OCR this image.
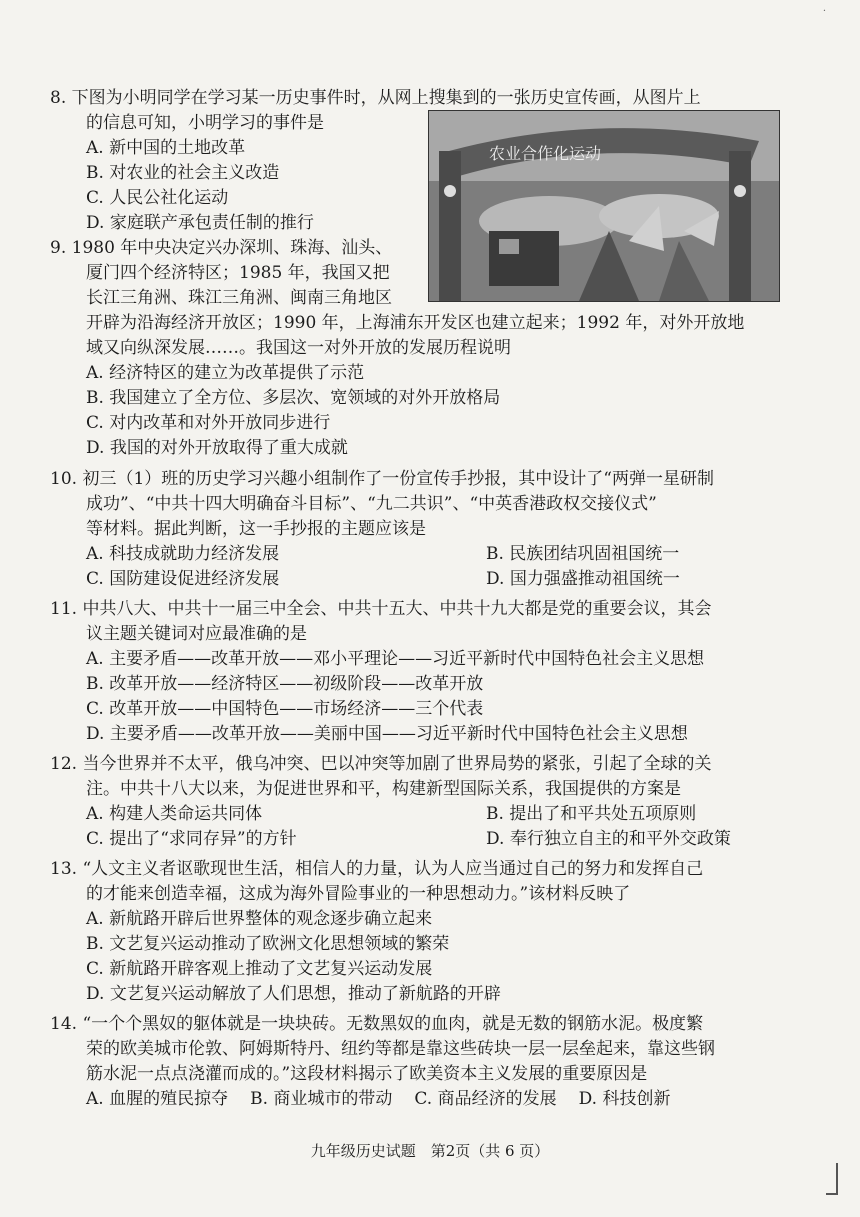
·
8. 下图为小明同学在学习某一历史事件时，从网上搜集到的一张历史宣传画，从图片上
的信息可知，小明学习的事件是
A. 新中国的土地改革
B. 对农业的社会主义改造
C. 人民公社化运动
D. 家庭联产承包责任制的推行
农业合作化运动
9. 1980 年中央决定兴办深圳、珠海、汕头、
厦门四个经济特区；1985 年，我国又把
长江三角洲、珠江三角洲、闽南三角地区
开辟为沿海经济开放区；1990 年，上海浦东开发区也建立起来；1992 年，对外开放地
域又向纵深发展……。我国这一对外开放的发展历程说明
A. 经济特区的建立为改革提供了示范
B. 我国建立了全方位、多层次、宽领域的对外开放格局
C. 对内改革和对外开放同步进行
D. 我国的对外开放取得了重大成就
10. 初三（1）班的历史学习兴趣小组制作了一份宣传手抄报，其中设计了“两弹一星研制
成功”、“中共十四大明确奋斗目标”、“九二共识”、“中英香港政权交接仪式”
等材料。据此判断，这一手抄报的主题应该是
A. 科技成就助力经济发展	B. 民族团结巩固祖国统一
C. 国防建设促进经济发展	D. 国力强盛推动祖国统一
11. 中共八大、中共十一届三中全会、中共十五大、中共十九大都是党的重要会议，其会
议主题关键词对应最准确的是
A. 主要矛盾——改革开放——邓小平理论——习近平新时代中国特色社会主义思想
B. 改革开放——经济特区——初级阶段——改革开放
C. 改革开放——中国特色——市场经济——三个代表
D. 主要矛盾——改革开放——美丽中国——习近平新时代中国特色社会主义思想
12. 当今世界并不太平，俄乌冲突、巴以冲突等加剧了世界局势的紧张，引起了全球的关
注。中共十八大以来，为促进世界和平，构建新型国际关系，我国提供的方案是
A. 构建人类命运共同体	B. 提出了和平共处五项原则
C. 提出了“求同存异”的方针	D. 奉行独立自主的和平外交政策
13. “人文主义者讴歌现世生活，相信人的力量，认为人应当通过自己的努力和发挥自己
的才能来创造幸福，这成为海外冒险事业的一种思想动力。”该材料反映了
A. 新航路开辟后世界整体的观念逐步确立起来
B. 文艺复兴运动推动了欧洲文化思想领域的繁荣
C. 新航路开辟客观上推动了文艺复兴运动发展
D. 文艺复兴运动解放了人们思想，推动了新航路的开辟
14. “一个个黑奴的躯体就是一块块砖。无数黑奴的血肉，就是无数的钢筋水泥。极度繁
荣的欧美城市伦敦、阿姆斯特丹、纽约等都是靠这些砖块一层一层垒起来，靠这些钢
筋水泥一点点浇灌而成的。”这段材料揭示了欧美资本主义发展的重要原因是
A. 血腥的殖民掠夺 B. 商业城市的带动 C. 商品经济的发展 D. 科技创新
九年级历史试题　第2页（共 6 页）
